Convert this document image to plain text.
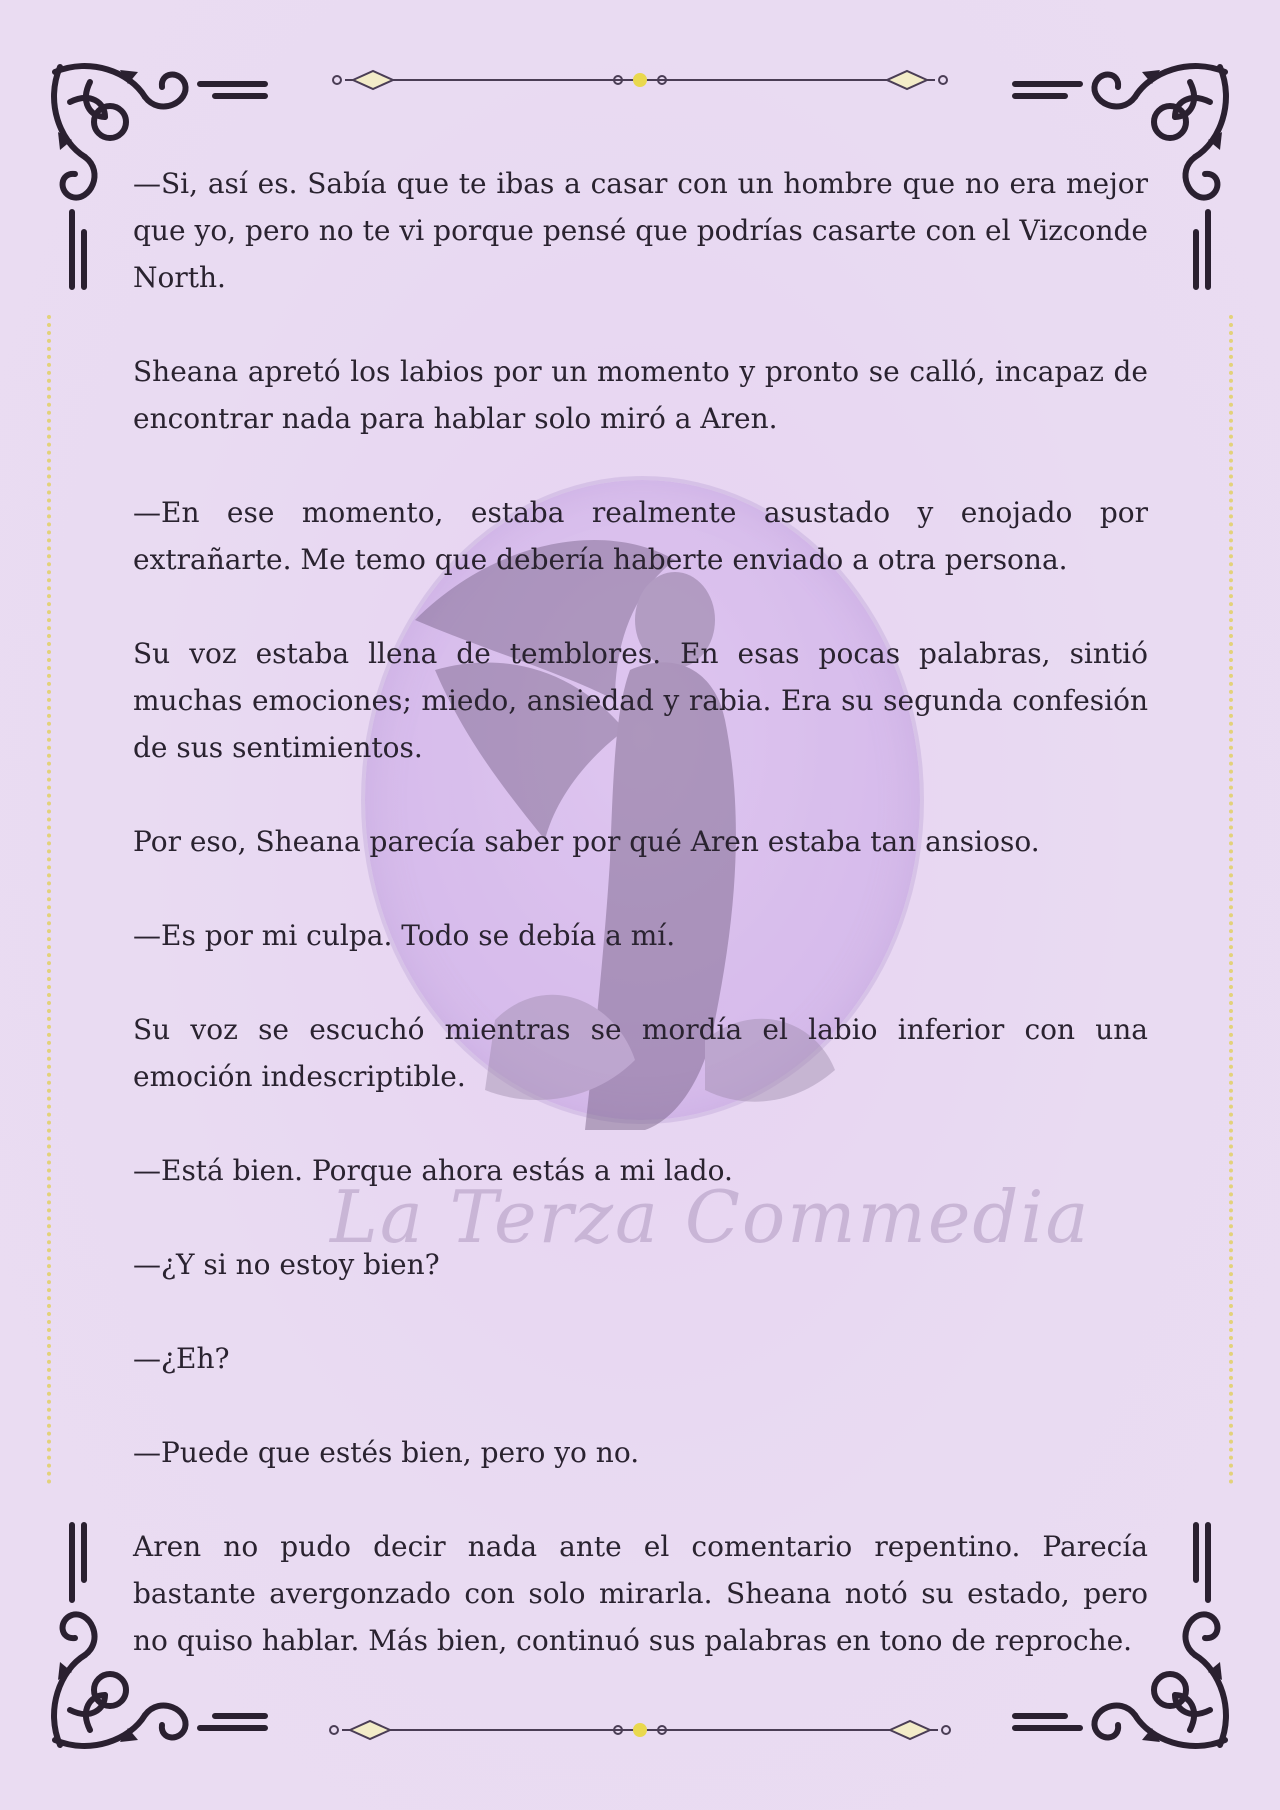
La Terza Commedia

—Si, así es. Sabía que te ibas a casar con un hombre que no era mejor que yo, pero no te vi porque pensé que podrías casarte con el Vizconde North.

Sheana apretó los labios por un momento y pronto se calló, incapaz de encontrar nada para hablar solo miró a Aren.

—En ese momento, estaba realmente asustado y enojado por extrañarte. Me temo que debería haberte enviado a otra persona.

Su voz estaba llena de temblores. En esas pocas palabras, sintió muchas emociones; miedo, ansiedad y rabia. Era su segunda confesión de sus sentimientos.

Por eso, Sheana parecía saber por qué Aren estaba tan ansioso.

—Es por mi culpa. Todo se debía a mí.

Su voz se escuchó mientras se mordía el labio inferior con una emoción indescriptible.

—Está bien. Porque ahora estás a mi lado.

—¿Y si no estoy bien?

—¿Eh?

—Puede que estés bien, pero yo no.

Aren no pudo decir nada ante el comentario repentino. Parecía bastante avergonzado con solo mirarla. Sheana notó su estado, pero no quiso hablar. Más bien, continuó sus palabras en tono de reproche.
